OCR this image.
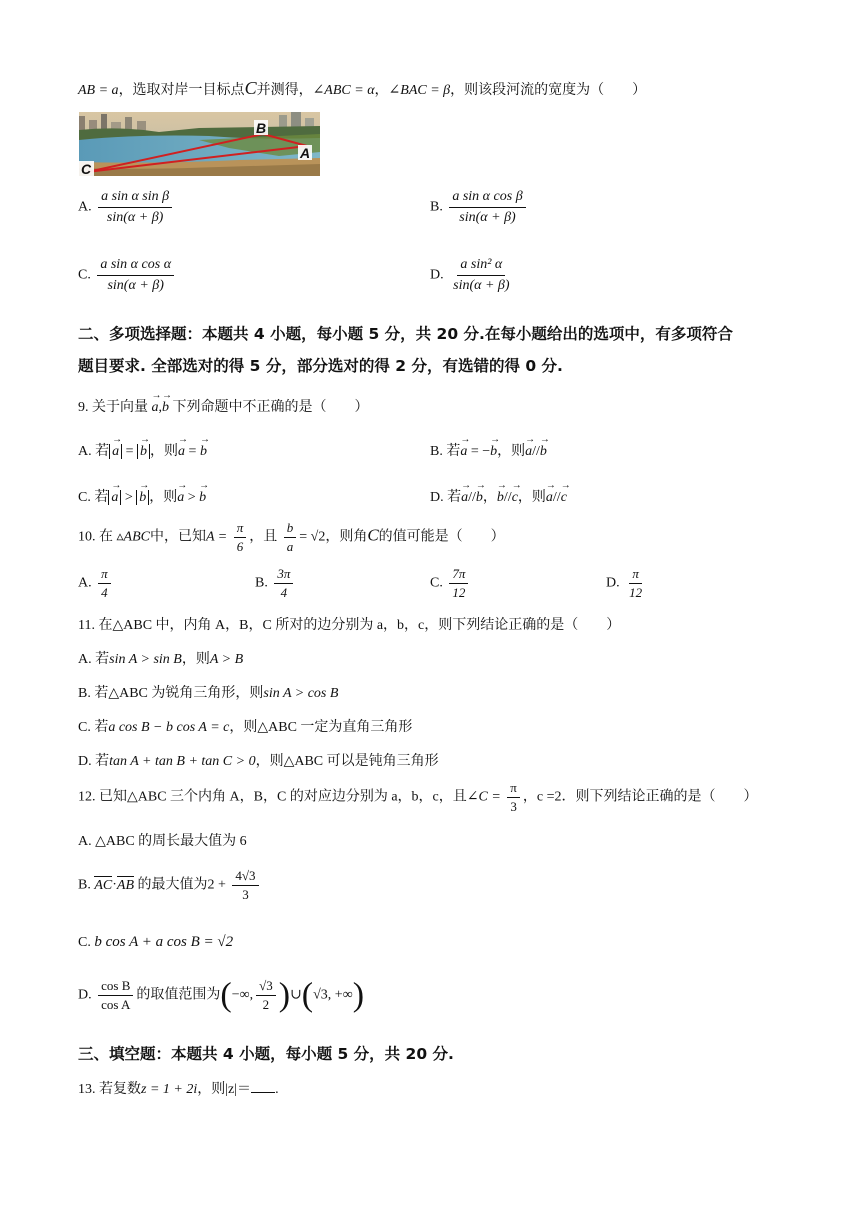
AB = a，选取对岸一目标点C并测得，∠ABC = α，∠BAC = β，则该段河流的宽度为（　　）
B
A
C
A. $\frac{\text{a sin α sin β}}{\sin(\alpha + \beta)}$	B. $\frac{\text{a sin α cos β}}{\sin(\alpha + \beta)}$
C. $\frac{\text{a sin α cos α}}{\sin(\alpha + \beta)}$	D. $\frac{\text{a sin² α}}{\sin(\alpha + \beta)}$
二、多项选择题：本题共 4 小题，每小题 5 分，共 20 分.在每小题给出的选项中，有多项符合
题目要求. 全部选对的得 5 分，部分选对的得 2 分，有选错的得 0 分.
9. 关于向量 → a,→ b 下列命题中不正确的是（　　）
A. 若 → a = → b ，则→ a = → b	B. 若→ a = −→ b，则→ a//→ b
C. 若 → a > → b ，则→ a > → b	D. 若→ a//→ b，→ b//→ c，则→ a//→ c
10. 在 ▵ABC中，已知$A = \frac{\pi}{6}$ ，且 $\frac{b}{a} = √2$，则角C的值可能是（　　）
A. $\frac{\pi}{4}$	B. $\frac{3\pi}{4}$	C. $\frac{7\pi}{12}$	D. $\frac{\pi}{12}$
11. 在△ABC 中，内角 A，B，C 所对的边分别为 a，b，c，则下列结论正确的是（　　）
A. 若sin A > sin B，则A > B
B. 若△ABC 为锐角三角形，则sin A > cos B
C. 若a cos B − b cos A = c，则△ABC 一定为直角三角形
D. 若tan A + tan B + tan C > 0，则△ABC 可以是钝角三角形
12. 已知△ABC 三个内角 A，B，C 的对应边分别为 a，b，c，且∠C = $\frac{\pi}{3}$ ，c =2．则下列结论正确的是（　　）
A. △ABC 的周长最大值为 6
B. AC·AB 的最大值为$2 + \frac{4√3}{3}$
C. b cos A + a cos B = √2
D. $\frac{\text{cos B}}{\text{cos A}}$ 的取值范围为(−∞, $\frac{√3}{2}$ )∪(√3, +∞)
三、填空题：本题共 4 小题，每小题 5 分，共 20 分.
13. 若复数z = 1 + 2i，则|z|＝ .
